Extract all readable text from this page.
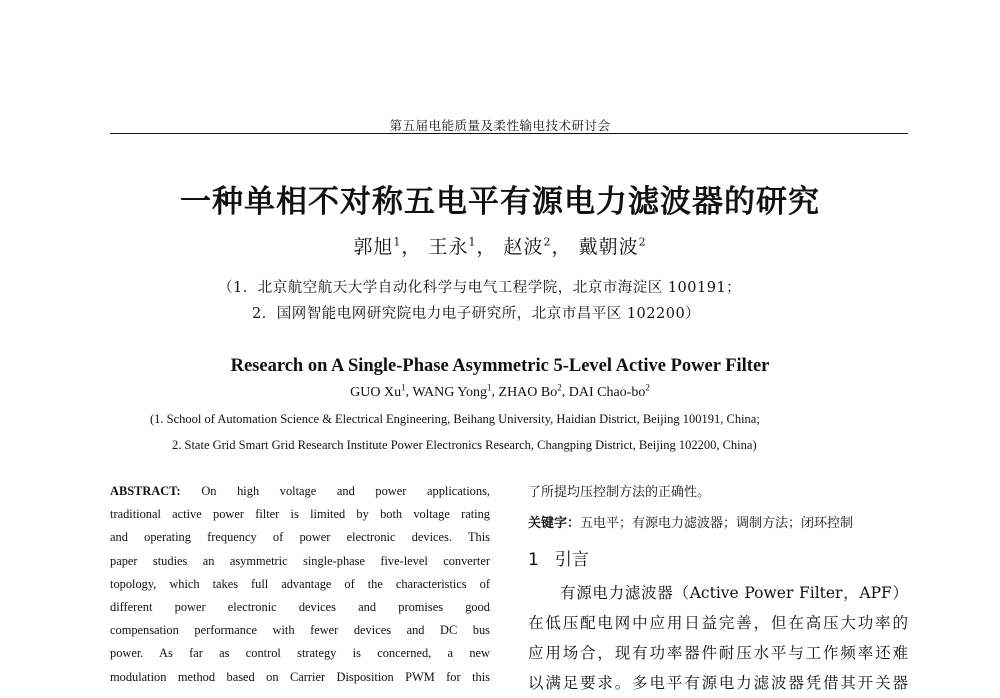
第五届电能质量及柔性输电技术研讨会
一种单相不对称五电平有源电力滤波器的研究
郭旭$^1$， 王永$^1$， 赵波$^2$， 戴朝波$^2$
（1．北京航空航天大学自动化科学与电气工程学院，北京市海淀区 100191；
2．国网智能电网研究院电力电子研究所，北京市昌平区 102200）
Research on A Single-Phase Asymmetric 5-Level Active Power Filter
GUO Xu$^1$, WANG Yong$^1$, ZHAO Bo$^2$, DAI Chao-$bo^2$
(1. School of Automation Science & Electrical Engineering, Beihang University, Haidian District, Beijing 100191, China;
2. State Grid Smart Grid Research Institute Power Electronics Research, Changping District, Beijing 102200, China)
ABSTRACT: On high voltage and power applications,
traditional active power filter is limited by both voltage rating
and operating frequency of power electronic devices. This
paper studies an asymmetric single-phase five-level converter
topology, which takes full advantage of the characteristics of
different power electronic devices and promises good
compensation performance with fewer devices and DC bus
power. As far as control strategy is concerned, a new
modulation method based on Carrier Disposition PWM for this
了所提均压控制方法的正确性。
关键字：五电平；有源电力滤波器；调制方法；闭环控制
1 引言
有源电力滤波器（Active Power Filter，APF）
在低压配电网中应用日益完善，但在高压大功率的
应用场合，现有功率器件耐压水平与工作频率还难
以满足要求。多电平有源电力滤波器凭借其开关器
